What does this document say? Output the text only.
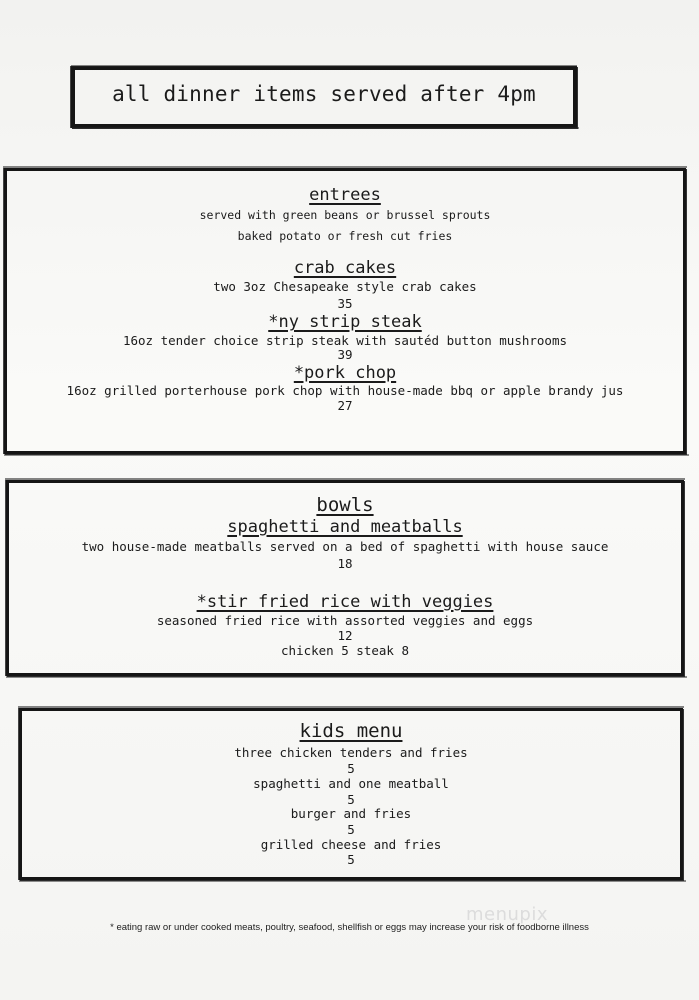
all dinner items served after 4pm
entrees
served with green beans or brussel sprouts
baked potato or fresh cut fries
crab cakes
two 3oz Chesapeake style crab cakes
35
*ny strip steak
16oz tender choice strip steak with sautéd button mushrooms
39
*pork chop
16oz grilled porterhouse pork chop with house-made bbq or apple brandy jus
27
bowls
spaghetti and meatballs
two house-made meatballs served on a bed of spaghetti with house sauce
18
*stir fried rice with veggies
seasoned fried rice with assorted veggies and eggs
12
chicken 5 steak 8
kids menu
three chicken tenders and fries
5
spaghetti and one meatball
5
burger and fries
5
grilled cheese and fries
5
menupix
* eating raw or under cooked meats, poultry, seafood, shellfish or eggs may increase your risk of foodborne illness
